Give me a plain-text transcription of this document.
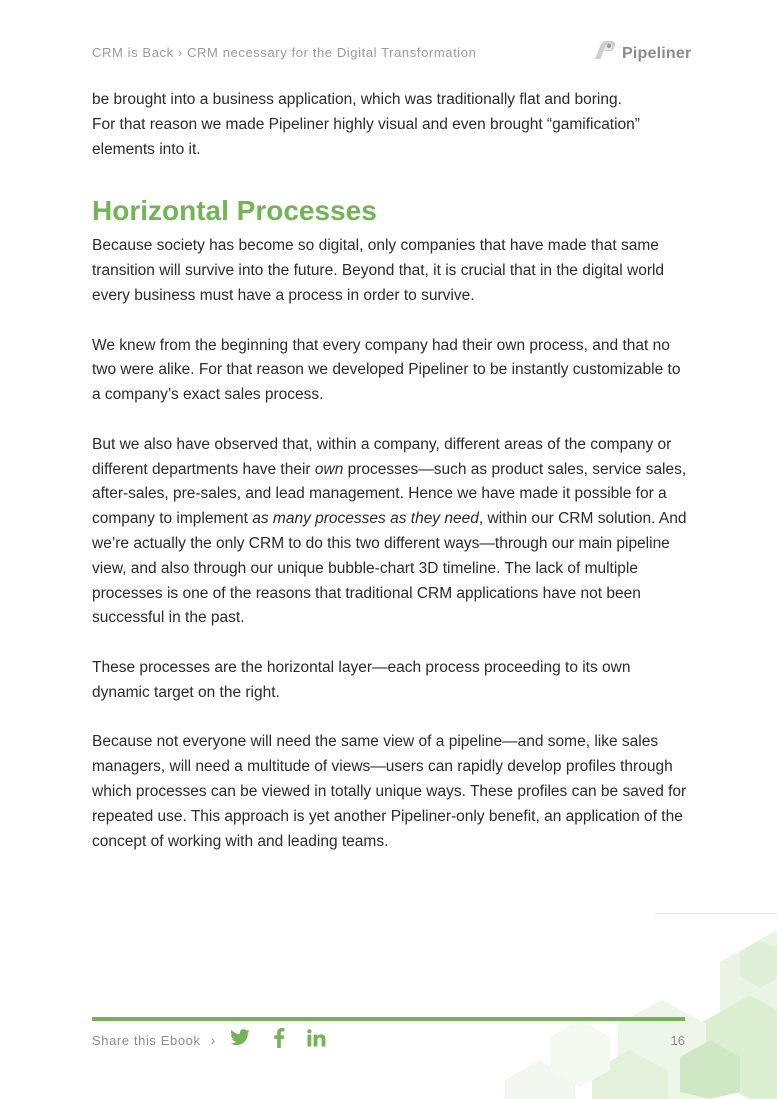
CRM is Back › CRM necessary for the Digital Transformation	Pipeliner

be brought into a business application, which was traditionally flat and boring.
For that reason we made Pipeliner highly visual and even brought “gamification”
elements into it.

Horizontal Processes

Because society has become so digital, only companies that have made that same transition will survive into the future. Beyond that, it is crucial that in the digital world every business must have a process in order to survive.

We knew from the beginning that every company had their own process, and that no two were alike. For that reason we developed Pipeliner to be instantly customizable to a company’s exact sales process.

But we also have observed that, within a company, different areas of the company or different departments have their own processes—such as product sales, service sales, after-sales, pre-sales, and lead management. Hence we have made it possible for a company to implement as many processes as they need, within our CRM solution. And we’re actually the only CRM to do this two different ways—through our main pipeline view, and also through our unique bubble-chart 3D timeline. The lack of multiple processes is one of the reasons that traditional CRM applications have not been successful in the past.

These processes are the horizontal layer—each process proceeding to its own dynamic target on the right.

Because not everyone will need the same view of a pipeline—and some, like sales managers, will need a multitude of views—users can rapidly develop profiles through which processes can be viewed in totally unique ways. These profiles can be saved for repeated use. This approach is yet another Pipeliner-only benefit, an application of the concept of working with and leading teams.

Share this Ebook ›	16
